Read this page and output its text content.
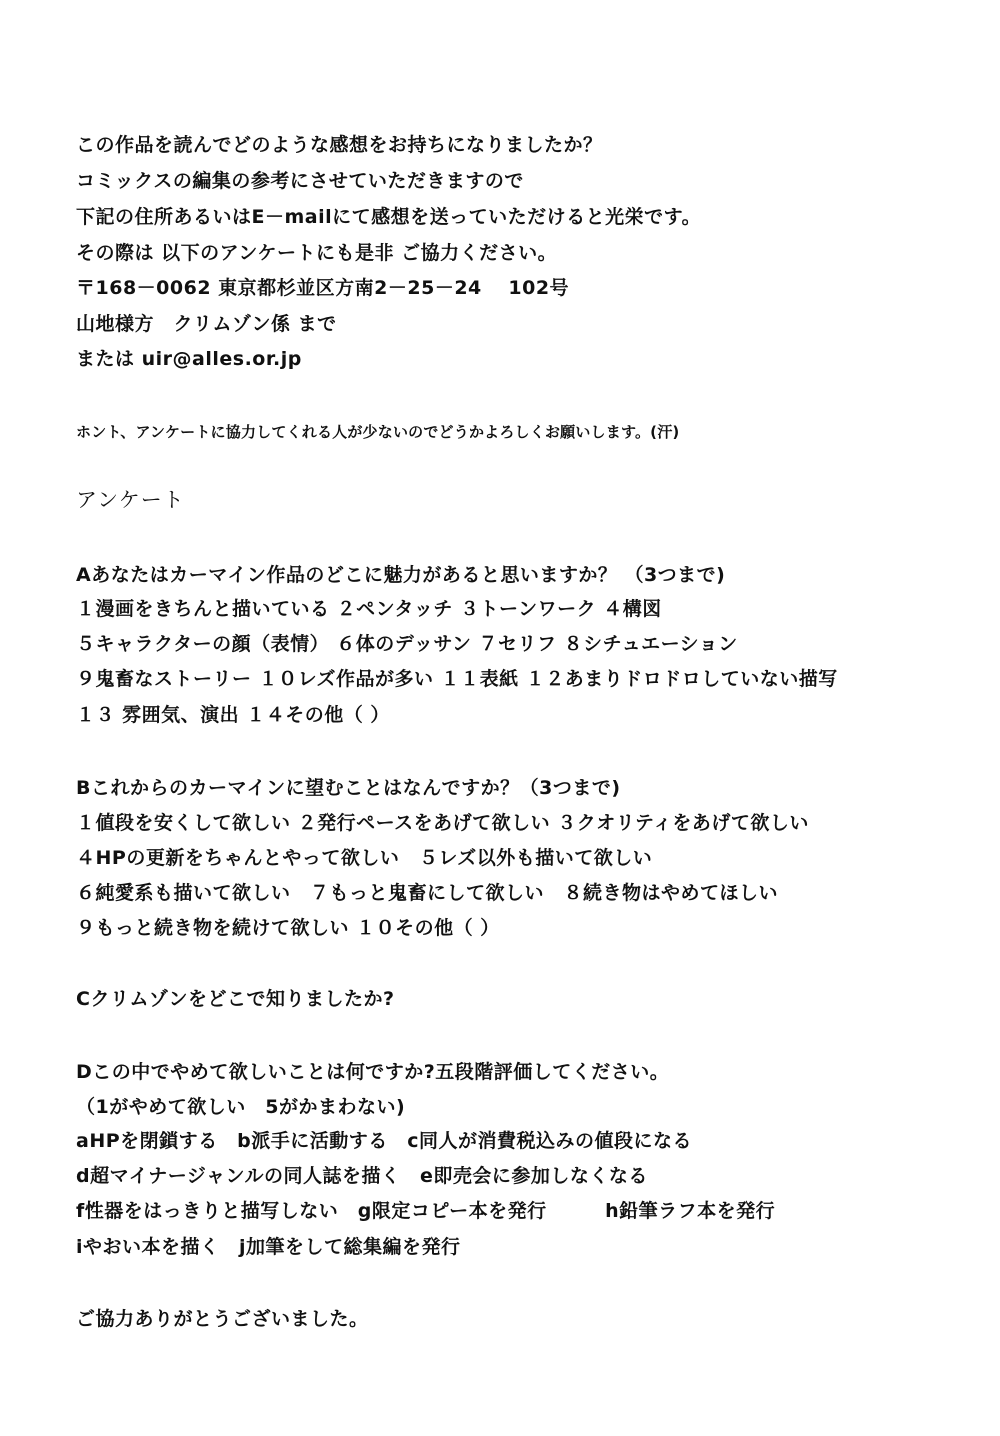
この作品を読んでどのような感想をお持ちになりましたか？
コミックスの編集の参考にさせていただきますので
下記の住所あるいはE－mailにて感想を送っていただけると光栄です。
その際は 以下のアンケートにも是非 ご協力ください。
〒168－0062 東京都杉並区方南2－25－24　 102号
山地様方　クリムゾン係 まで
または uir@alles.or.jp
ホント、アンケートに協力してくれる人が少ないのでどうかよろしくお願いします。(汗)
アンケート
Aあなたはカーマイン作品のどこに魅力があると思いますか？ （3つまで)
１漫画をきちんと描いている ２ペンタッチ ３トーンワーク ４構図
５キャラクターの顔（表情） ６体のデッサン ７セリフ ８シチュエーション
９鬼畜なストーリー １０レズ作品が多い １１表紙 １２あまりドロドロしていない描写
１３ 雰囲気、演出 １４その他（ ）
Bこれからのカーマインに望むことはなんですか？（3つまで)
１値段を安くして欲しい ２発行ペースをあげて欲しい ３クオリティをあげて欲しい
４HPの更新をちゃんとやって欲しい　５レズ以外も描いて欲しい
６純愛系も描いて欲しい　７もっと鬼畜にして欲しい　８続き物はやめてほしい
９もっと続き物を続けて欲しい １０その他（ ）
Cクリムゾンをどこで知りましたか?
Dこの中でやめて欲しいことは何ですか?五段階評価してください。
（1がやめて欲しい　5がかまわない)
aHPを閉鎖する　b派手に活動する　c同人が消費税込みの値段になる
d超マイナージャンルの同人誌を描く　e即売会に参加しなくなる
f性器をはっきりと描写しない　g限定コピー本を発行　　　h鉛筆ラフ本を発行
iやおい本を描く　j加筆をして総集編を発行
ご協力ありがとうございました。
